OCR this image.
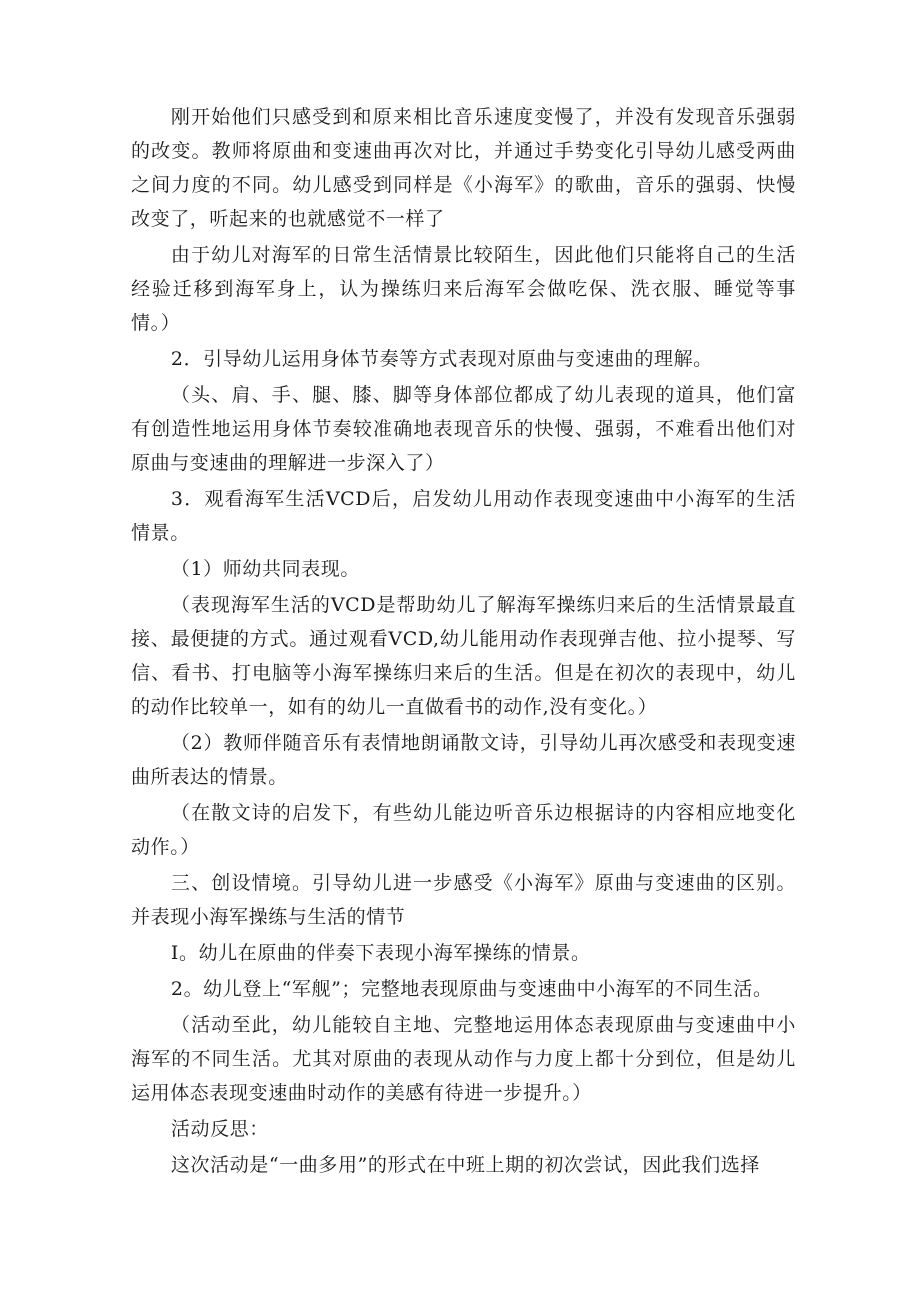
刚开始他们只感受到和原来相比音乐速度变慢了，并没有发现音乐强弱的改变。教师将原曲和变速曲再次对比，并通过手势变化引导幼儿感受两曲之间力度的不同。幼儿感受到同样是《小海军》的歌曲，音乐的强弱、快慢改变了，听起来的也就感觉不一样了

由于幼儿对海军的日常生活情景比较陌生，因此他们只能将自己的生活经验迁移到海军身上，认为操练归来后海军会做吃保、洗衣服、睡觉等事情。）

2．引导幼儿运用身体节奏等方式表现对原曲与变速曲的理解。

（头、肩、手、腿、膝、脚等身体部位都成了幼儿表现的道具，他们富有创造性地运用身体节奏较准确地表现音乐的快慢、强弱，不难看出他们对原曲与变速曲的理解进一步深入了）

3．观看海军生活VCD后，启发幼儿用动作表现变速曲中小海军的生活情景。

（1）师幼共同表现。

（表现海军生活的VCD是帮助幼儿了解海军操练归来后的生活情景最直接、最便捷的方式。通过观看VCD,幼儿能用动作表现弹吉他、拉小提琴、写信、看书、打电脑等小海军操练归来后的生活。但是在初次的表现中，幼儿的动作比较单一，如有的幼儿一直做看书的动作,没有变化。）

（2）教师伴随音乐有表情地朗诵散文诗，引导幼儿再次感受和表现变速曲所表达的情景。

（在散文诗的启发下，有些幼儿能边听音乐边根据诗的内容相应地变化动作。）

三、创设情境。引导幼儿进一步感受《小海军》原曲与变速曲的区别。并表现小海军操练与生活的情节

I。幼儿在原曲的伴奏下表现小海军操练的情景。

2。幼儿登上“军舰”；完整地表现原曲与变速曲中小海军的不同生活。

（活动至此，幼儿能较自主地、完整地运用体态表现原曲与变速曲中小海军的不同生活。尤其对原曲的表现从动作与力度上都十分到位，但是幼儿运用体态表现变速曲时动作的美感有待进一步提升。）

活动反思：

这次活动是“一曲多用”的形式在中班上期的初次尝试，因此我们选择
